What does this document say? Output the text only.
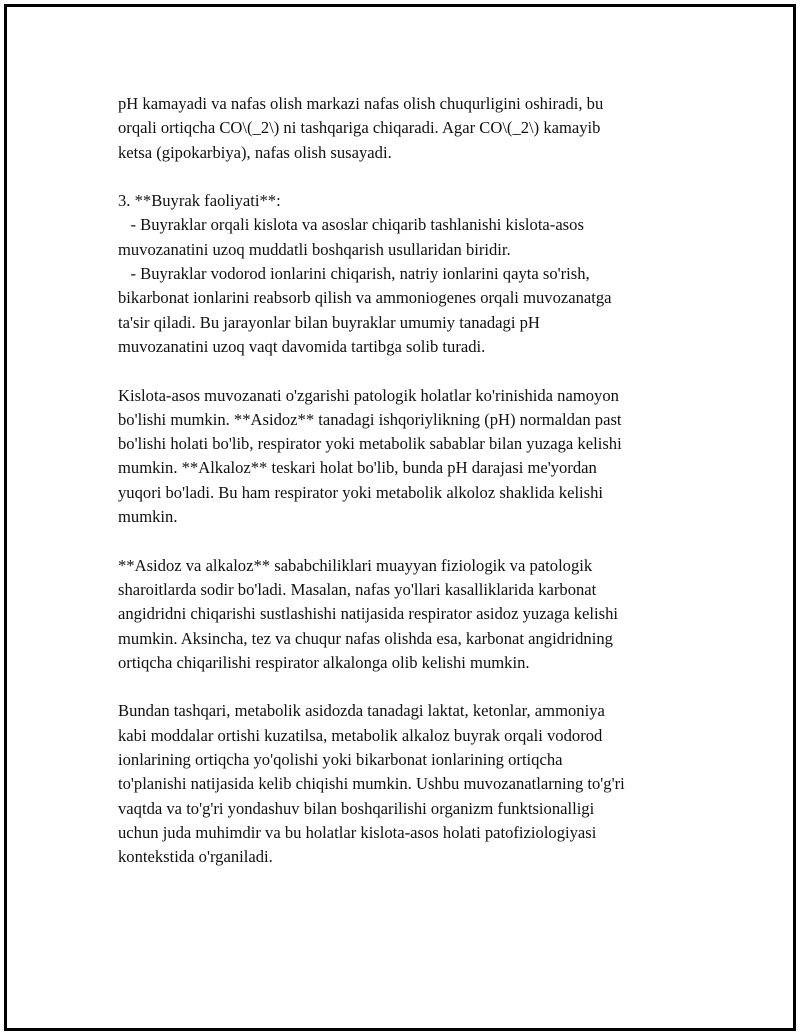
pH kamayadi va nafas olish markazi nafas olish chuqurligini oshiradi, bu
orqali ortiqcha CO\(_2\) ni tashqariga chiqaradi. Agar CO\(_2\) kamayib
ketsa (gipokarbiya), nafas olish susayadi.
3. **Buyrak faoliyati**:
- Buyraklar orqali kislota va asoslar chiqarib tashlanishi kislota-asos
muvozanatini uzoq muddatli boshqarish usullaridan biridir.
- Buyraklar vodorod ionlarini chiqarish, natriy ionlarini qayta so'rish,
bikarbonat ionlarini reabsorb qilish va ammoniogenes orqali muvozanatga
ta'sir qiladi. Bu jarayonlar bilan buyraklar umumiy tanadagi pH
muvozanatini uzoq vaqt davomida tartibga solib turadi.
Kislota-asos muvozanati o'zgarishi patologik holatlar ko'rinishida namoyon
bo'lishi mumkin. **Asidoz** tanadagi ishqoriylikning (pH) normaldan past
bo'lishi holati bo'lib, respirator yoki metabolik sabablar bilan yuzaga kelishi
mumkin. **Alkaloz** teskari holat bo'lib, bunda pH darajasi me'yordan
yuqori bo'ladi. Bu ham respirator yoki metabolik alkoloz shaklida kelishi
mumkin.
**Asidoz va alkaloz** sababchiliklari muayyan fiziologik va patologik
sharoitlarda sodir bo'ladi. Masalan, nafas yo'llari kasalliklarida karbonat
angidridni chiqarishi sustlashishi natijasida respirator asidoz yuzaga kelishi
mumkin. Aksincha, tez va chuqur nafas olishda esa, karbonat angidridning
ortiqcha chiqarilishi respirator alkalonga olib kelishi mumkin.
Bundan tashqari, metabolik asidozda tanadagi laktat, ketonlar, ammoniya
kabi moddalar ortishi kuzatilsa, metabolik alkaloz buyrak orqali vodorod
ionlarining ortiqcha yo'qolishi yoki bikarbonat ionlarining ortiqcha
to'planishi natijasida kelib chiqishi mumkin. Ushbu muvozanatlarning to'g'ri
vaqtda va to'g'ri yondashuv bilan boshqarilishi organizm funktsionalligi
uchun juda muhimdir va bu holatlar kislota-asos holati patofiziologiyasi
kontekstida o'rganiladi.
